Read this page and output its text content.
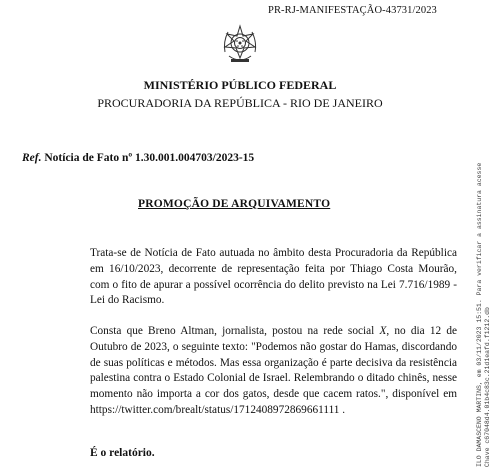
PR-RJ-MANIFESTAÇÃO-43731/2023
MINISTÉRIO PÚBLICO FEDERAL
PROCURADORIA DA REPÚBLICA - RIO DE JANEIRO
Ref. Notícia de Fato nº 1.30.001.004703/2023-15
PROMOÇÃO DE ARQUIVAMENTO

Trata-se de Notícia de Fato autuada no âmbito desta Procuradoria da República em 16/10/2023, decorrente de representação feita por Thiago Costa Mourão, com o fito de apurar a possível ocorrência do delito previsto na Lei 7.716/1989 - Lei do Racismo.

Consta que Breno Altman, jornalista, postou na rede social X, no dia 12 de Outubro de 2023, o seguinte texto: "Podemos não gostar do Hamas, discordando de suas políticas e métodos. Mas essa organização é parte decisiva da resistência palestina contra o Estado Colonial de Israel. Relembrando o ditado chinês, nesse momento não importa a cor dos gatos, desde que cacem ratos.", disponível em https://twitter.com/brealt/status/1712408972869661111 .

É o relatório.	ILO DAMASCENO MARTINS, em 03/11/2023 15:51. Para verificar a assinatura acesse Chave c67048d4.01b4c83c.21d1eafd.f1212.db
